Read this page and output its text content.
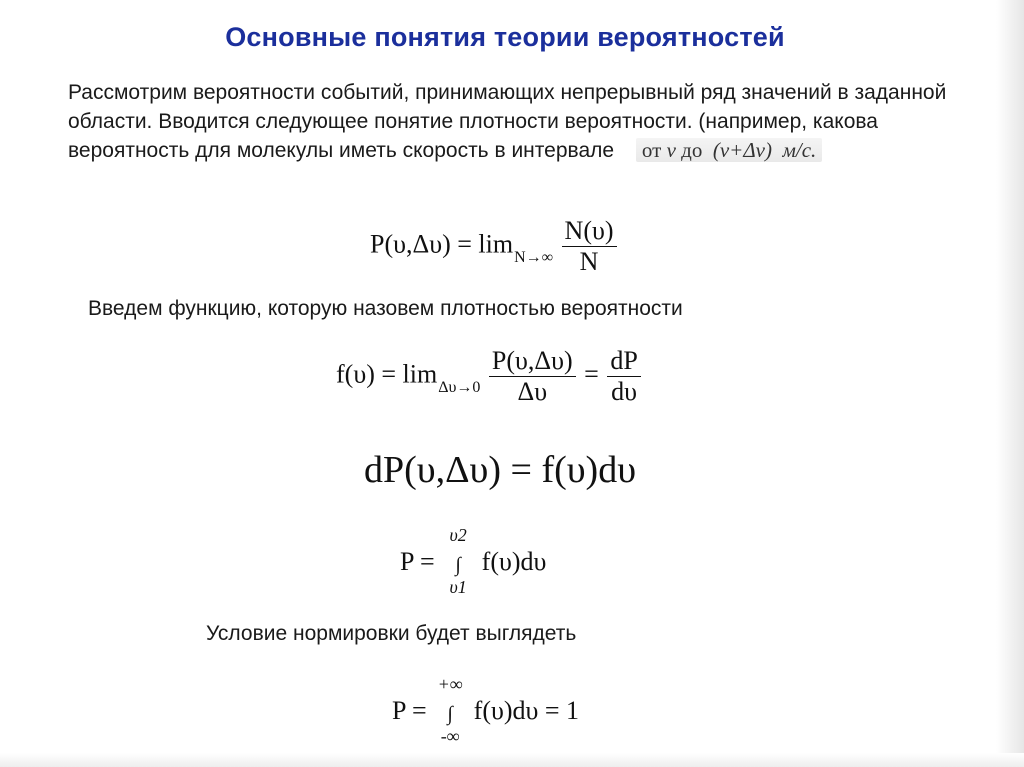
Основные понятия теории вероятностей
Рассмотрим вероятности событий, принимающих непрерывный ряд значений в заданной области. Вводится следующее понятие плотности вероятности. (например, какова вероятность для молекулы иметь скорость в интервале от v до (v+Δv) м/с.
$P(\upsilon,\Delta\upsilon) = \lim_{N\to\infty} \frac{N(\upsilon)}{N}$
Введем функцию, которую назовем плотностью вероятности
$f(\upsilon) = \lim_{\Delta\upsilon\to 0} \frac{P(\upsilon,\Delta\upsilon)}{\Delta\upsilon} = \frac{dP}{d\upsilon}$
dP(υ,Δυ) = f(υ)dυ
P =
υ2
∫
υ1
f(υ)dυ
Условие нормировки будет выглядеть
P =
+∞
∫
-∞
f(υ)dυ = 1
